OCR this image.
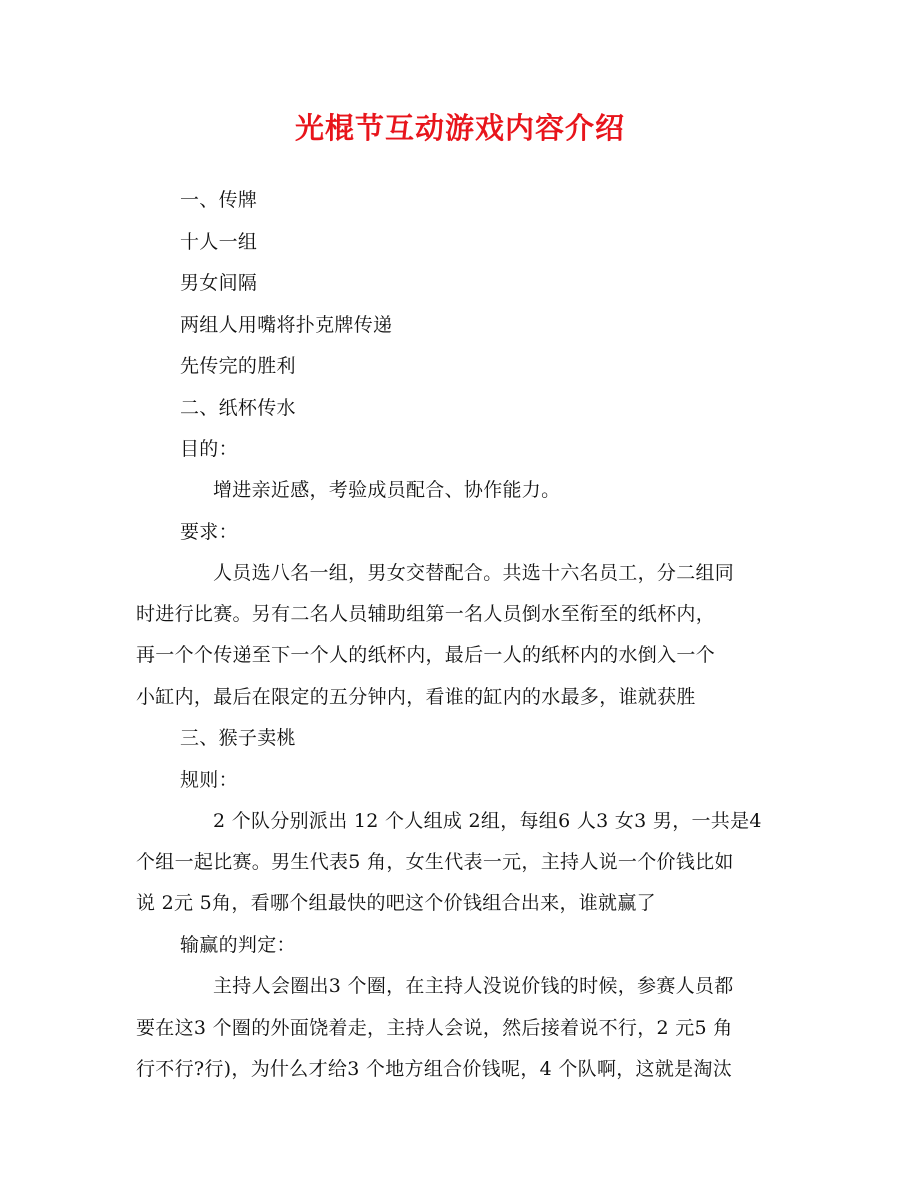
光棍节互动游戏内容介绍
一、传牌
十人一组
男女间隔
两组人用嘴将扑克牌传递
先传完的胜利
二、纸杯传水
目的：
增进亲近感，考验成员配合、协作能力。
要求：
人员选八名一组，男女交替配合。共选十六名员工，分二组同
时进行比赛。另有二名人员辅助组第一名人员倒水至衔至的纸杯内，
再一个个传递至下一个人的纸杯内，最后一人的纸杯内的水倒入一个
小缸内，最后在限定的五分钟内，看谁的缸内的水最多，谁就获胜
三、猴子卖桃
规则：
2 个队分别派出 12 个人组成 2组，每组6 人3 女3 男，一共是4
个组一起比赛。男生代表5 角，女生代表一元，主持人说一个价钱比如
说 2元 5角，看哪个组最快的吧这个价钱组合出来，谁就赢了
输赢的判定：
主持人会圈出3 个圈，在主持人没说价钱的时候，参赛人员都
要在这3 个圈的外面饶着走，主持人会说，然后接着说不行，2 元5 角
行不行?行)，为什么才给3 个地方组合价钱呢，4 个队啊，这就是淘汰
